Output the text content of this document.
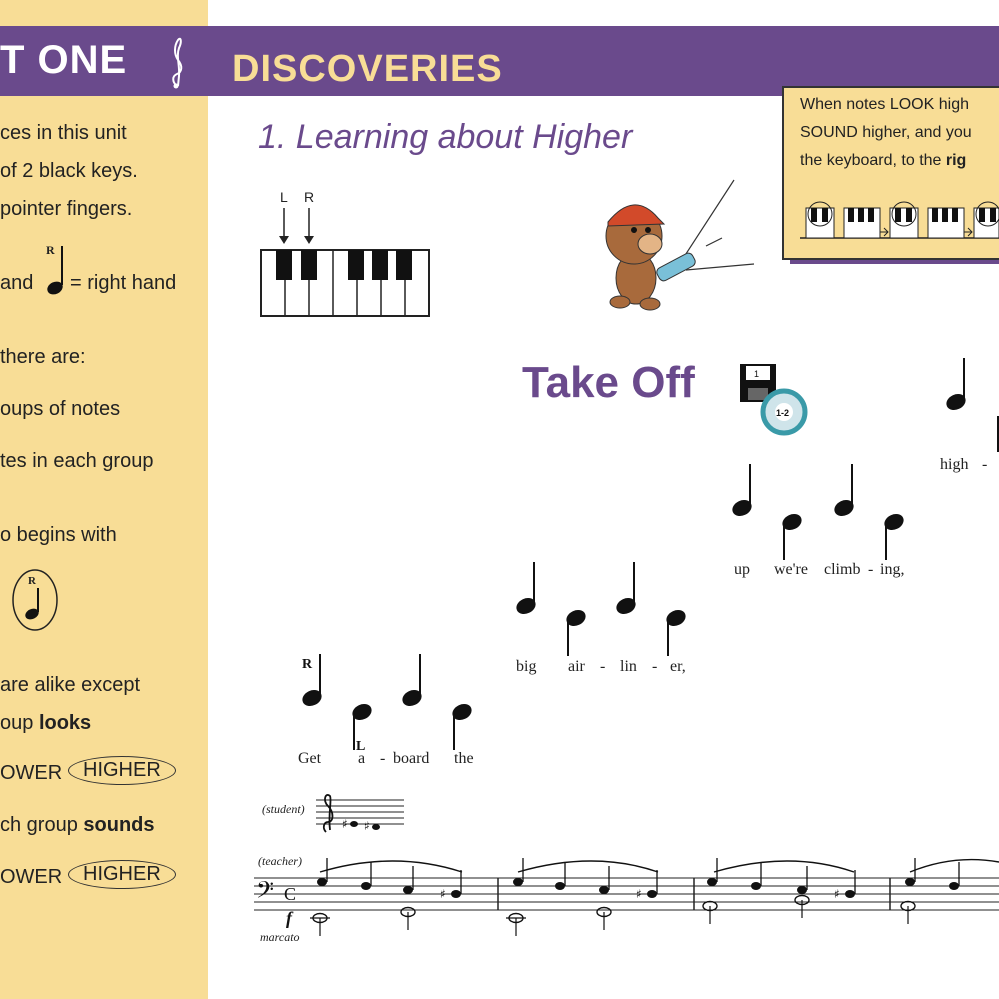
T ONE	DISCOVERIES
ces in this unit
of 2 black keys.
pointer fingers.
and
R
= right hand
there are:
oups of notes
tes in each group
o begins with
R
are alike except
oup looks
OWER	HIGHER
ch group sounds
OWER	HIGHER
1. Learning about Higher
L R
When notes LOOK high
SOUND higher, and you
the keyboard, to the rig
Take Off	1
1-2
R
L
Get a - board the
big air - lin - er,
up we're climb - ing,
high -
(student)
♯ ♯
(teacher)
𝄢 C	♯	♯	♯
f
marcato
